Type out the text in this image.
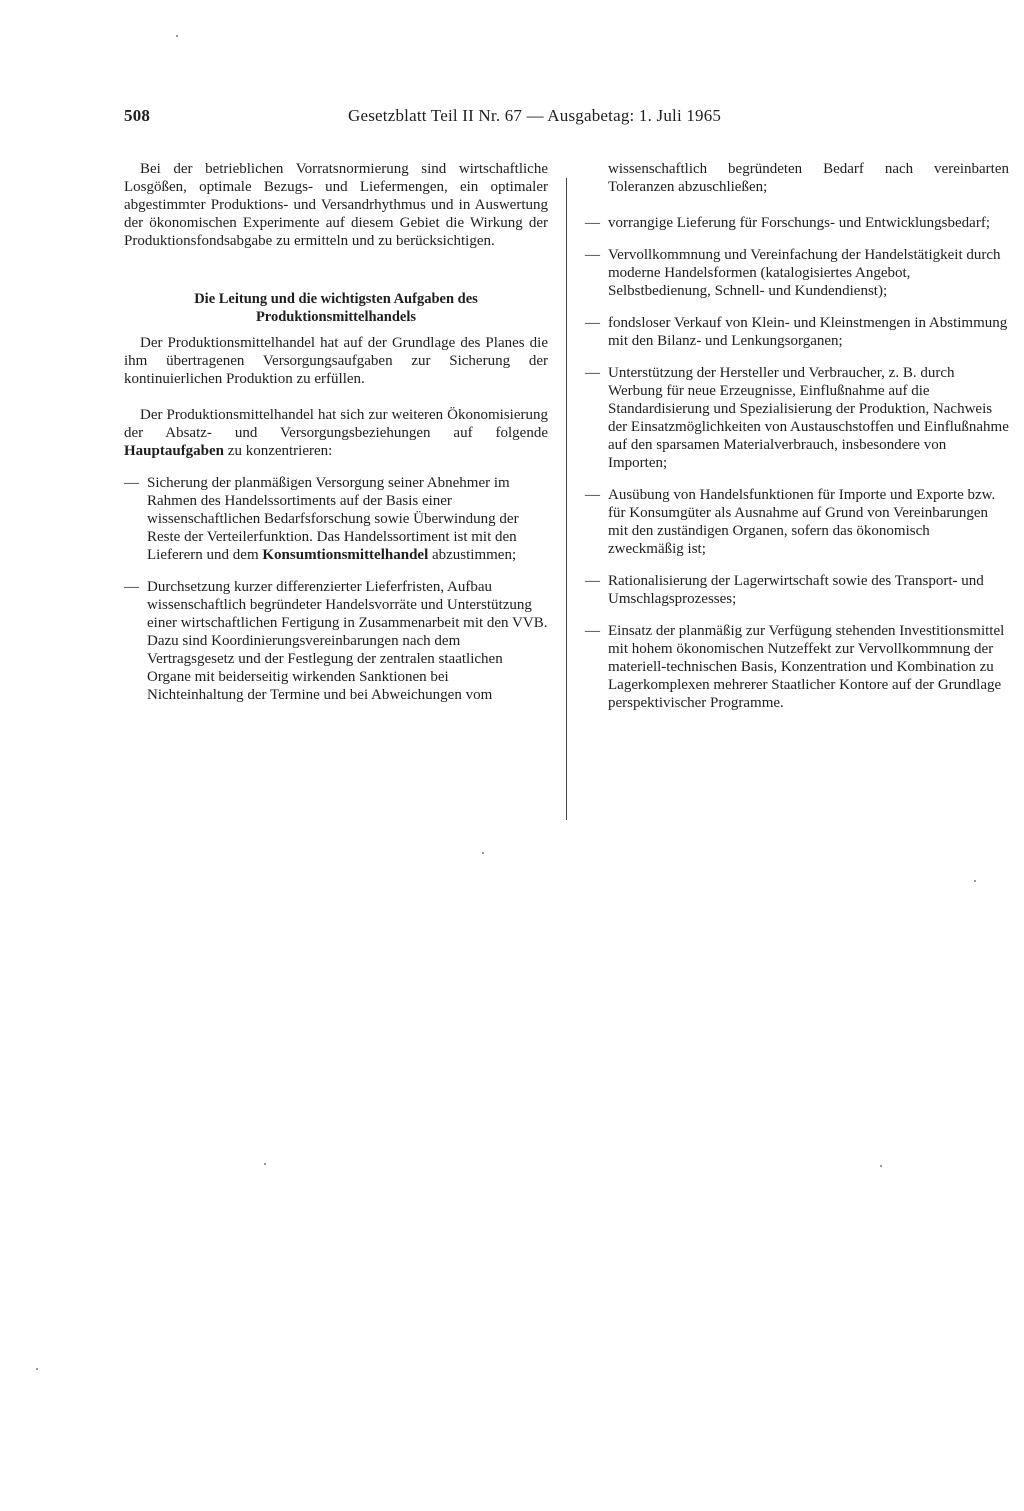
508	Gesetzblatt Teil II Nr. 67 — Ausgabetag: 1. Juli 1965

Bei der betrieblichen Vorratsnormierung sind wirtschaftliche Losgößen, optimale Bezugs- und Liefermengen, ein optimaler abgestimmter Produktions- und Versandrhythmus und in Auswertung der ökonomischen Experimente auf diesem Gebiet die Wirkung der Produktionsfondsabgabe zu ermitteln und zu berücksichtigen.

Die Leitung und die wichtigsten Aufgaben des Produktionsmittelhandels

Der Produktionsmittelhandel hat auf der Grundlage des Planes die ihm übertragenen Versorgungsaufgaben zur Sicherung der kontinuierlichen Produktion zu erfüllen.

Der Produktionsmittelhandel hat sich zur weiteren Ökonomisierung der Absatz- und Versorgungsbeziehungen auf folgende Hauptaufgaben zu konzentrieren:

— Sicherung der planmäßigen Versorgung seiner Abnehmer im Rahmen des Handelssortiments auf der Basis einer wissenschaftlichen Bedarfsforschung sowie Überwindung der Reste der Verteilerfunktion. Das Handelssortiment ist mit den Lieferern und dem Konsumtionsmittelhandel abzustimmen;
— Durchsetzung kurzer differenzierter Lieferfristen, Aufbau wissenschaftlich begründeter Handelsvorräte und Unterstützung einer wirtschaftlichen Fertigung in Zusammenarbeit mit den VVB. Dazu sind Koordinierungsvereinbarungen nach dem Vertragsgesetz und der Festlegung der zentralen staatlichen Organe mit beiderseitig wirkenden Sanktionen bei Nichteinhaltung der Termine und bei Abweichungen vom

wissenschaftlich begründeten Bedarf nach vereinbarten Toleranzen abzuschließen;

— vorrangige Lieferung für Forschungs- und Entwicklungsbedarf;
— Vervollkommnung und Vereinfachung der Handelstätigkeit durch moderne Handelsformen (katalogisiertes Angebot, Selbstbedienung, Schnell- und Kundendienst);
— fondsloser Verkauf von Klein- und Kleinstmengen in Abstimmung mit den Bilanz- und Lenkungsorganen;
— Unterstützung der Hersteller und Verbraucher, z. B. durch Werbung für neue Erzeugnisse, Einflußnahme auf die Standardisierung und Spezialisierung der Produktion, Nachweis der Einsatzmöglichkeiten von Austauschstoffen und Einflußnahme auf den sparsamen Materialverbrauch, insbesondere von Importen;
— Ausübung von Handelsfunktionen für Importe und Exporte bzw. für Konsumgüter als Ausnahme auf Grund von Vereinbarungen mit den zuständigen Organen, sofern das ökonomisch zweckmäßig ist;
— Rationalisierung der Lagerwirtschaft sowie des Transport- und Umschlagsprozesses;
— Einsatz der planmäßig zur Verfügung stehenden Investitionsmittel mit hohem ökonomischen Nutzeffekt zur Vervollkommnung der materiell-technischen Basis, Konzentration und Kombination zu Lagerkomplexen mehrerer Staatlicher Kontore auf der Grundlage perspektivischer Programme.
